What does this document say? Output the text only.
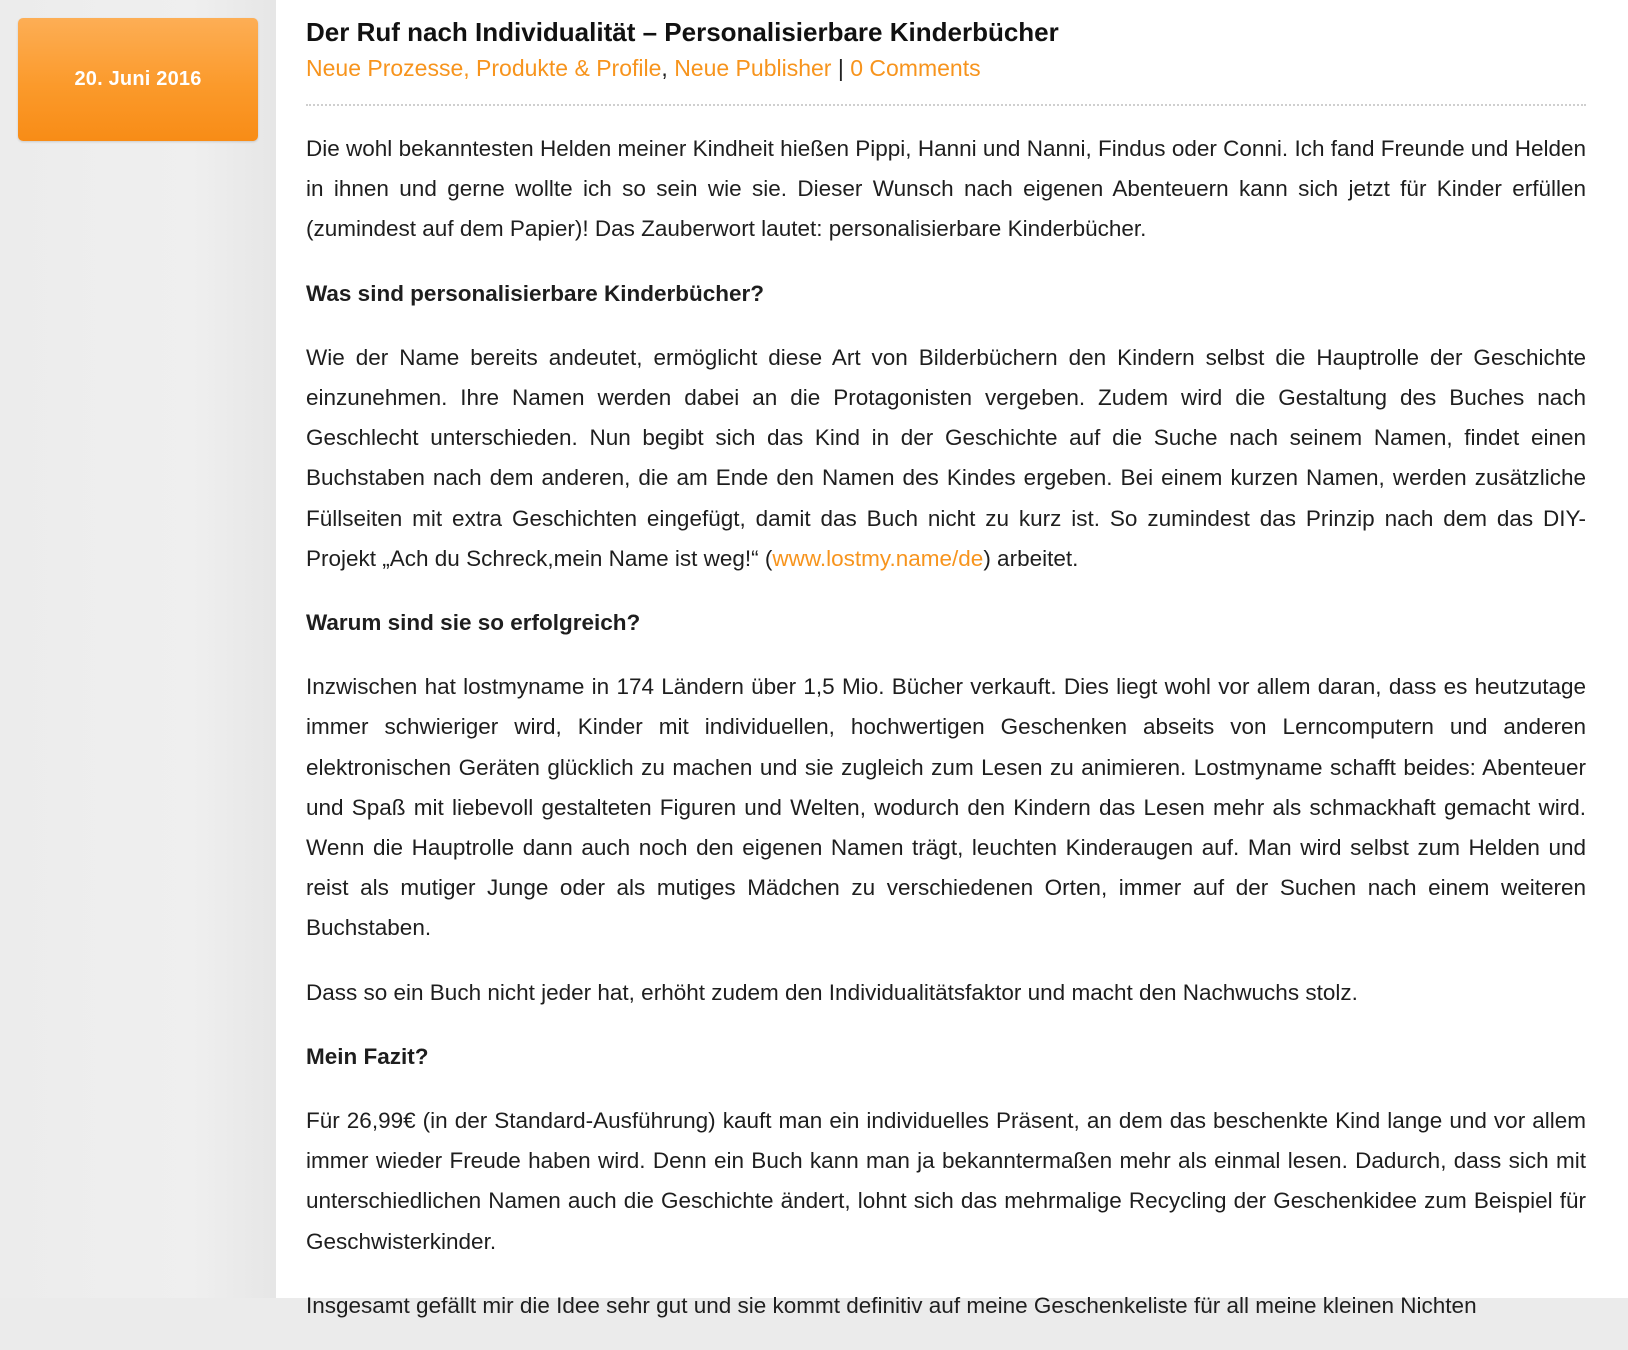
20. Juni 2016
Der Ruf nach Individualität – Personalisierbare Kinderbücher
Neue Prozesse, Produkte & Profile, Neue Publisher | 0 Comments

Die wohl bekanntesten Helden meiner Kindheit hießen Pippi, Hanni und Nanni, Findus oder Conni. Ich fand Freunde und Helden in ihnen und gerne wollte ich so sein wie sie. Dieser Wunsch nach eigenen Abenteuern kann sich jetzt für Kinder erfüllen (zumindest auf dem Papier)! Das Zauberwort lautet: personalisierbare Kinderbücher.

Was sind personalisierbare Kinderbücher?

Wie der Name bereits andeutet, ermöglicht diese Art von Bilderbüchern den Kindern selbst die Hauptrolle der Geschichte einzunehmen. Ihre Namen werden dabei an die Protagonisten vergeben. Zudem wird die Gestaltung des Buches nach Geschlecht unterschieden. Nun begibt sich das Kind in der Geschichte auf die Suche nach seinem Namen, findet einen Buchstaben nach dem anderen, die am Ende den Namen des Kindes ergeben. Bei einem kurzen Namen, werden zusätzliche Füllseiten mit extra Geschichten eingefügt, damit das Buch nicht zu kurz ist. So zumindest das Prinzip nach dem das DIY-Projekt „Ach du Schreck,mein Name ist weg!“ (www.lostmy.name/de) arbeitet.

Warum sind sie so erfolgreich?

Inzwischen hat lostmyname in 174 Ländern über 1,5 Mio. Bücher verkauft. Dies liegt wohl vor allem daran, dass es heutzutage immer schwieriger wird, Kinder mit individuellen, hochwertigen Geschenken abseits von Lerncomputern und anderen elektronischen Geräten glücklich zu machen und sie zugleich zum Lesen zu animieren. Lostmyname schafft beides: Abenteuer und Spaß mit liebevoll gestalteten Figuren und Welten, wodurch den Kindern das Lesen mehr als schmackhaft gemacht wird. Wenn die Hauptrolle dann auch noch den eigenen Namen trägt, leuchten Kinderaugen auf. Man wird selbst zum Helden und reist als mutiger Junge oder als mutiges Mädchen zu verschiedenen Orten, immer auf der Suchen nach einem weiteren Buchstaben.

Dass so ein Buch nicht jeder hat, erhöht zudem den Individualitätsfaktor und macht den Nachwuchs stolz.

Mein Fazit?

Für 26,99€ (in der Standard-Ausführung) kauft man ein individuelles Präsent, an dem das beschenkte Kind lange und vor allem immer wieder Freude haben wird. Denn ein Buch kann man ja bekanntermaßen mehr als einmal lesen. Dadurch, dass sich mit unterschiedlichen Namen auch die Geschichte ändert, lohnt sich das mehrmalige Recycling der Geschenkidee zum Beispiel für Geschwisterkinder.

Insgesamt gefällt mir die Idee sehr gut und sie kommt definitiv auf meine Geschenkeliste für all meine kleinen Nichten
